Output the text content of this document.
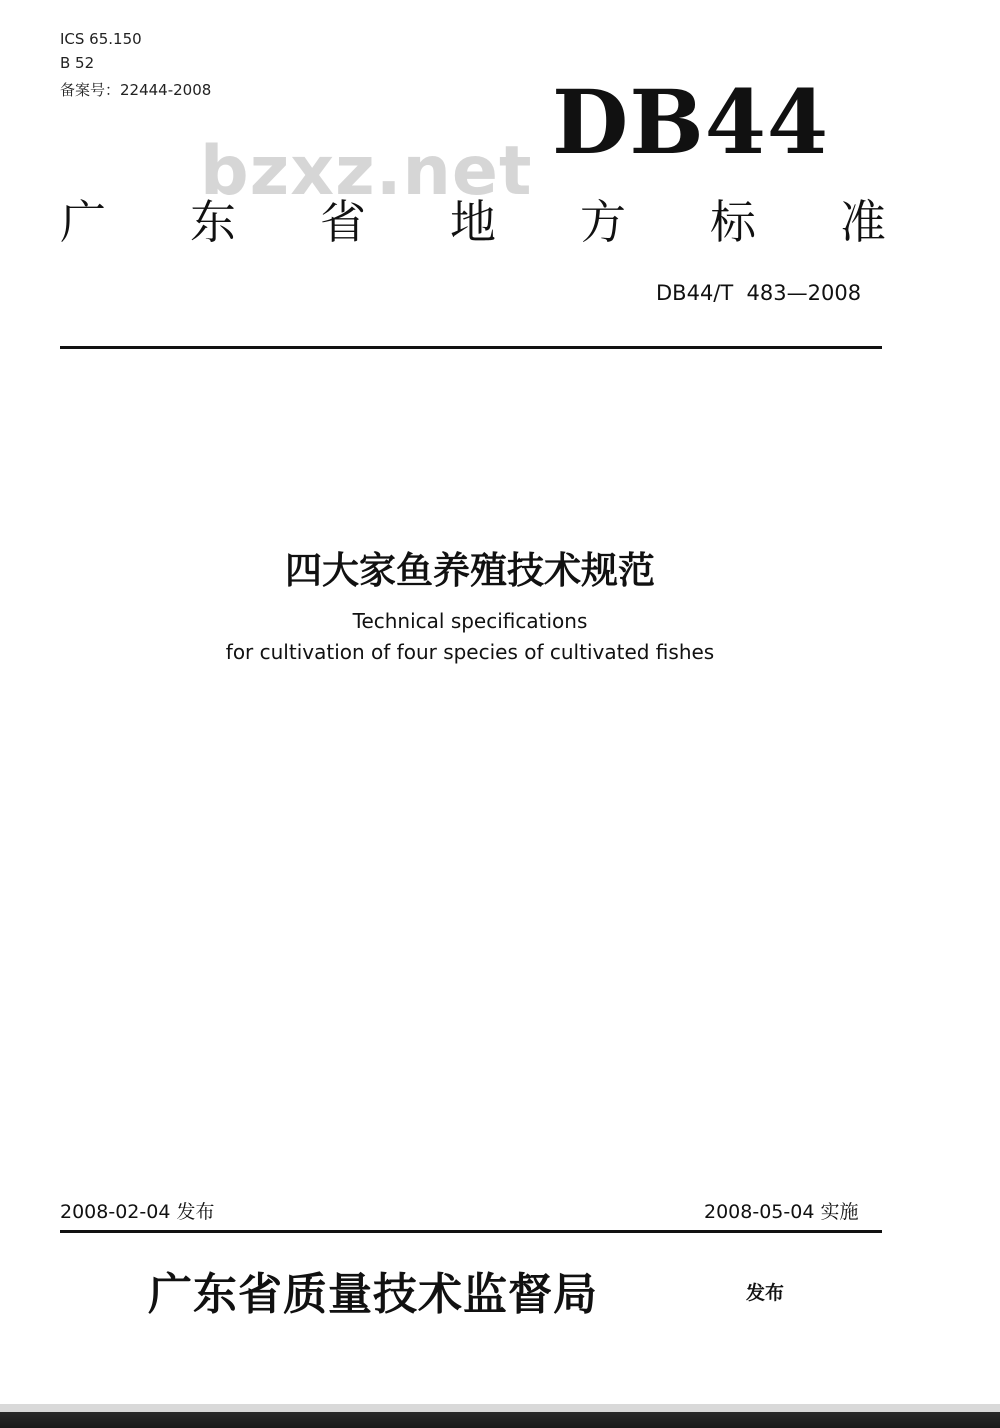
ICS 65.150
B 52
备案号：22444-2008	DB44
bzxz.net
广 东 省 地 方 标 准
DB44/T  483—2008
四大家鱼养殖技术规范
Technical specifications
for cultivation of four species of cultivated fishes
2008-02-04 发布	2008-05-04 实施
广东省质量技术监督局	发布
